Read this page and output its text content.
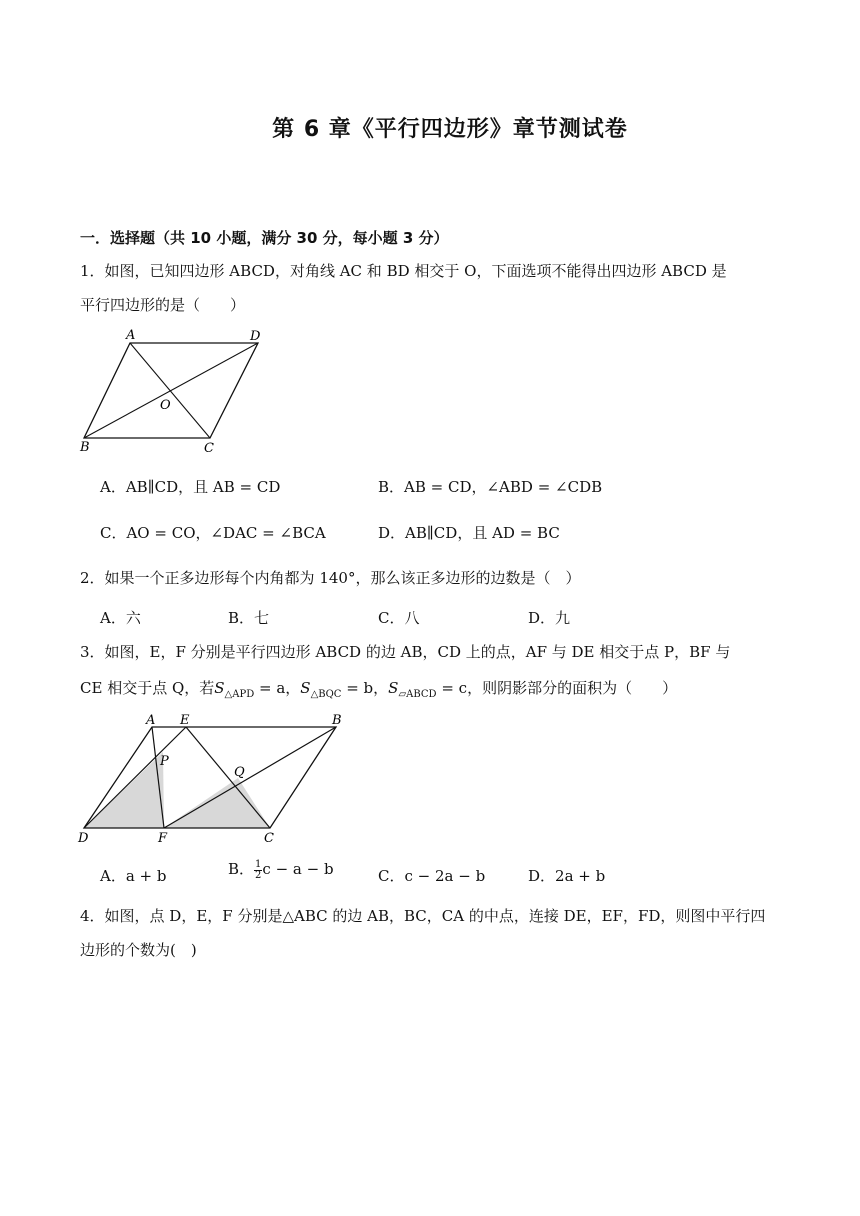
第 6 章《平行四边形》章节测试卷
一．选择题（共 10 小题，满分 30 分，每小题 3 分）
1．如图，已知四边形 ABCD，对角线 AC 和 BD 相交于 O，下面选项不能得出四边形 ABCD 是
平行四边形的是（　　）
A	D
O
B	C
A．AB∥CD，且 AB = CD	B．AB = CD，∠ABD = ∠CDB
C．AO = CO，∠DAC = ∠BCA	D．AB∥CD，且 AD = BC
2．如果一个正多边形每个内角都为 140°，那么该正多边形的边数是（　）
A．六	B．七	C．八	D．九
3．如图，E，F 分别是平行四边形 ABCD 的边 AB，CD 上的点，AF 与 DE 相交于点 P，BF 与
CE 相交于点 Q，若$S_{\triangle APD} = a$，$S_{\triangle BQC} = b$，$S_{▱ABCD} = c$，则阴影部分的面积为（　　）
A E	B
P
Q
D	F	C
A．a + b	B． $\frac{1}{2}$ c − a − b	C．c − 2a − b	D．2a + b
4．如图，点 D，E，F 分别是△ABC 的边 AB，BC，CA 的中点，连接 DE，EF，FD，则图中平行四
边形的个数为(　)
